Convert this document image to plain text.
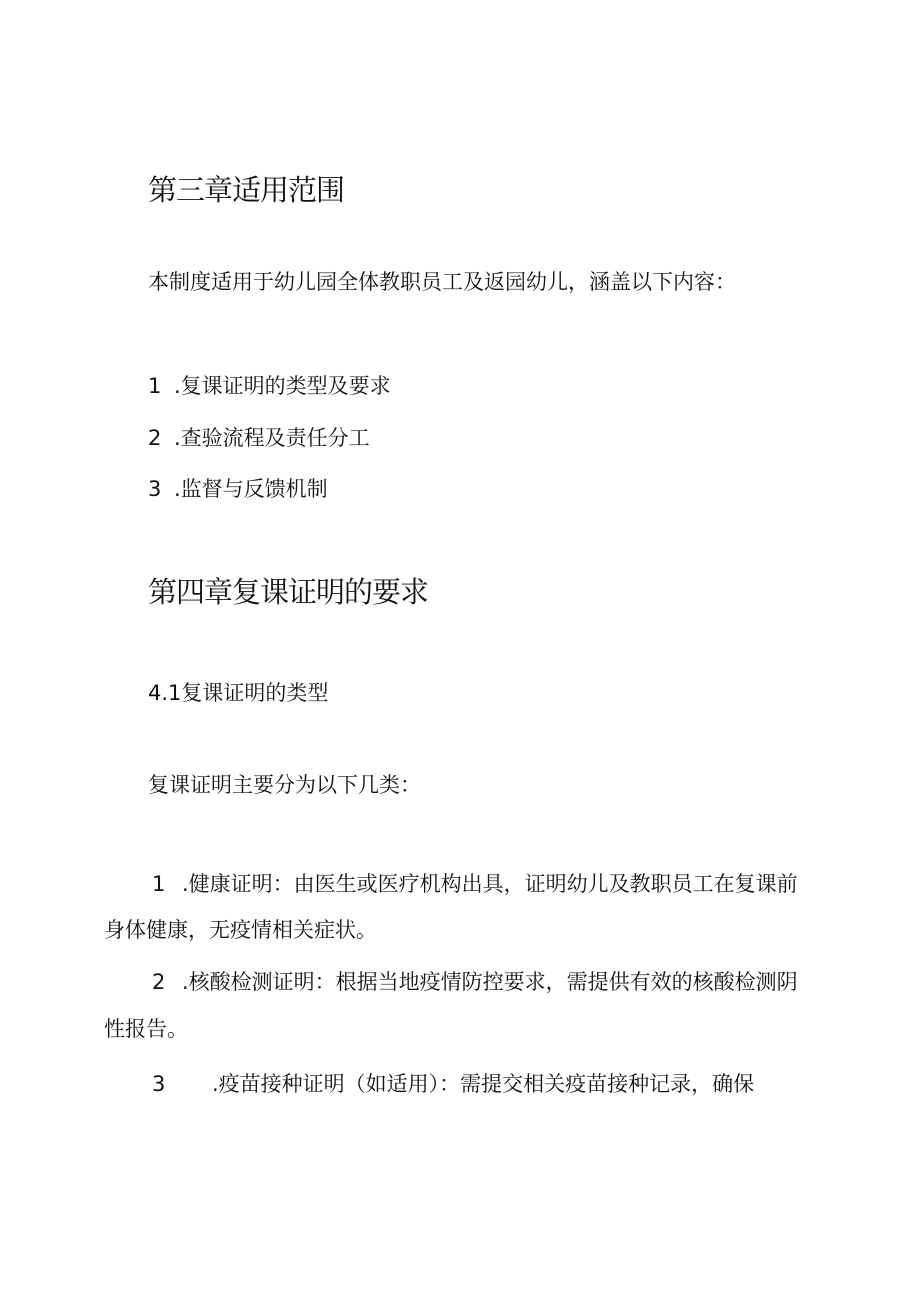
第三章适用范围

本制度适用于幼儿园全体教职员工及返园幼儿，涵盖以下内容：

1 .复课证明的类型及要求

2 .查验流程及责任分工

3 .监督与反馈机制

第四章复课证明的要求

4.1复课证明的类型

复课证明主要分为以下几类：

1 .健康证明：由医生或医疗机构出具，证明幼儿及教职员工在复课前

身体健康，无疫情相关症状。

2 .核酸检测证明：根据当地疫情防控要求，需提供有效的核酸检测阴

性报告。

3 .疫苗接种证明（如适用）：需提交相关疫苗接种记录，确保
